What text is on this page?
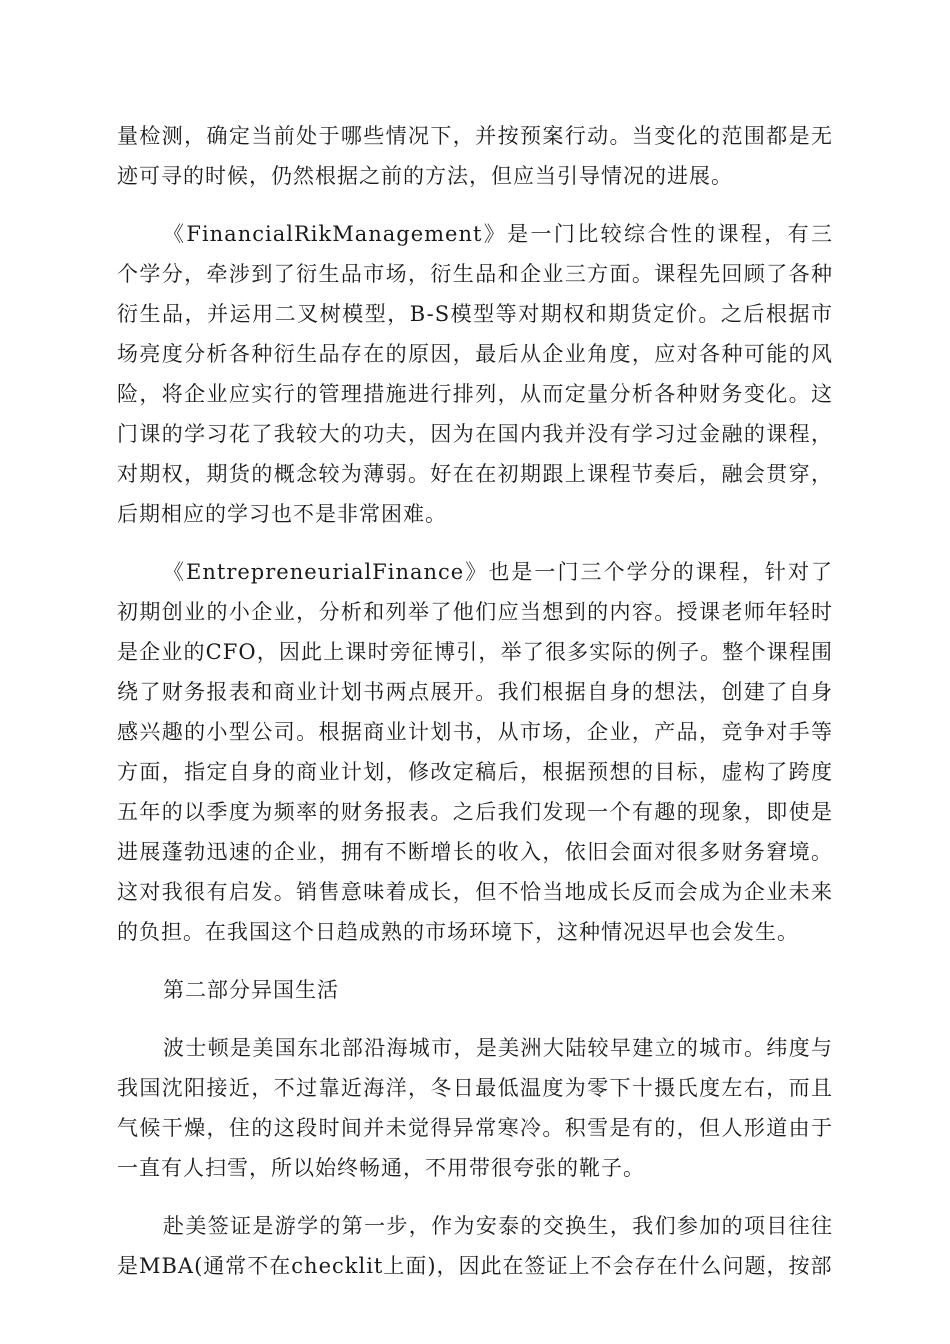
量检测，确定当前处于哪些情况下，并按预案行动。当变化的范围都是无迹可寻的时候，仍然根据之前的方法，但应当引导情况的进展。

《FinancialRikManagement》是一门比较综合性的课程，有三个学分，牵涉到了衍生品市场，衍生品和企业三方面。课程先回顾了各种衍生品，并运用二叉树模型，B-S模型等对期权和期货定价。之后根据市场亮度分析各种衍生品存在的原因，最后从企业角度，应对各种可能的风险，将企业应实行的管理措施进行排列，从而定量分析各种财务变化。这门课的学习花了我较大的功夫，因为在国内我并没有学习过金融的课程，对期权，期货的概念较为薄弱。好在在初期跟上课程节奏后，融会贯穿，后期相应的学习也不是非常困难。

《EntrepreneurialFinance》也是一门三个学分的课程，针对了初期创业的小企业，分析和列举了他们应当想到的内容。授课老师年轻时是企业的CFO，因此上课时旁征博引，举了很多实际的例子。整个课程围绕了财务报表和商业计划书两点展开。我们根据自身的想法，创建了自身感兴趣的小型公司。根据商业计划书，从市场，企业，产品，竞争对手等方面，指定自身的商业计划，修改定稿后，根据预想的目标，虚构了跨度五年的以季度为频率的财务报表。之后我们发现一个有趣的现象，即使是进展蓬勃迅速的企业，拥有不断增长的收入，依旧会面对很多财务窘境。这对我很有启发。销售意味着成长，但不恰当地成长反而会成为企业未来的负担。在我国这个日趋成熟的市场环境下，这种情况迟早也会发生。

第二部分异国生活

波士顿是美国东北部沿海城市，是美洲大陆较早建立的城市。纬度与我国沈阳接近，不过靠近海洋，冬日最低温度为零下十摄氏度左右，而且气候干燥，住的这段时间并未觉得异常寒冷。积雪是有的，但人形道由于一直有人扫雪，所以始终畅通，不用带很夸张的靴子。

赴美签证是游学的第一步，作为安泰的交换生，我们参加的项目往往是MBA(通常不在checklit上面)，因此在签证上不会存在什么问题，按部
